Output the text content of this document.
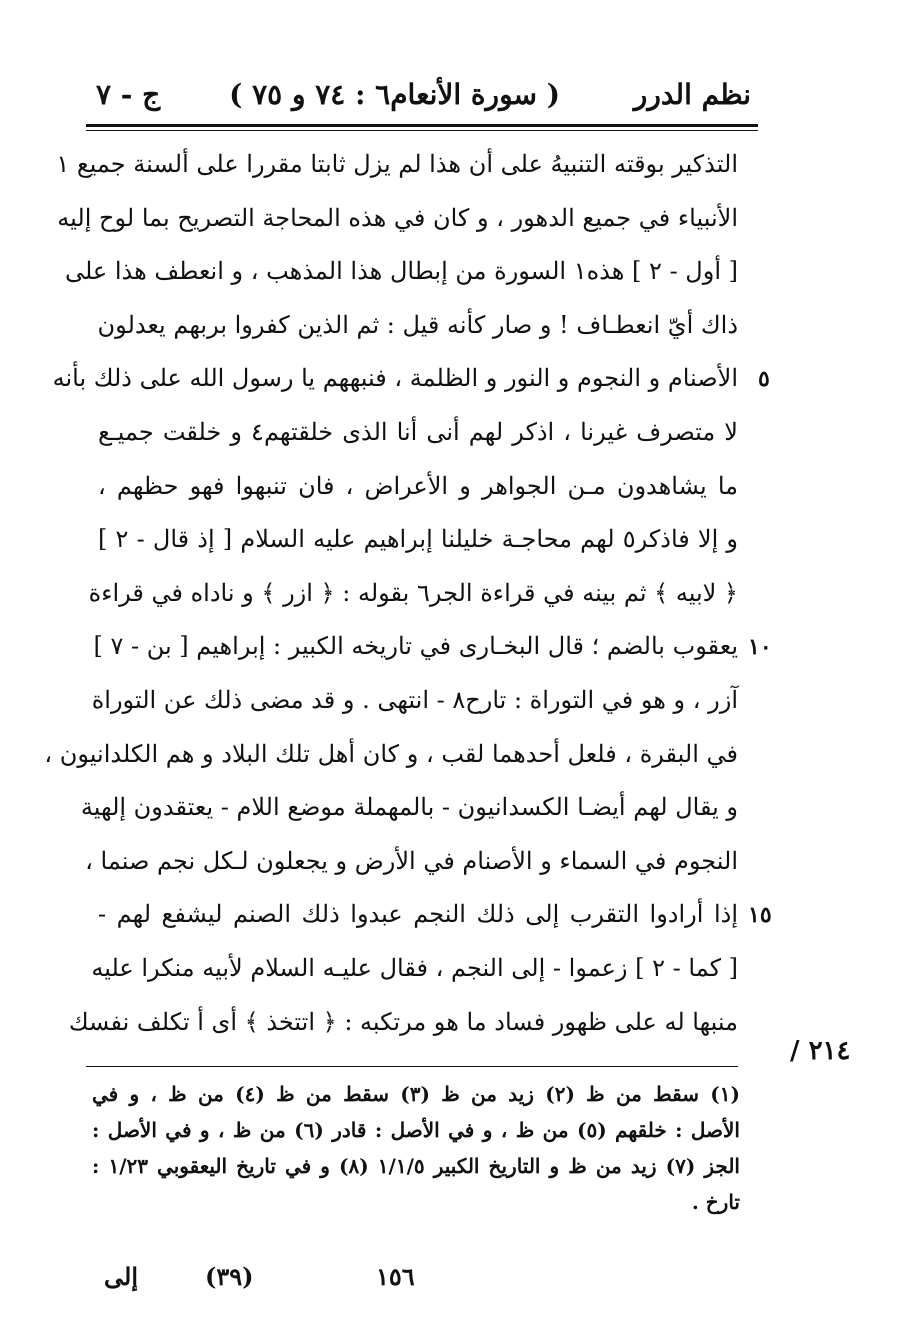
نظم الدرر
( سورة الأنعام٦ : ٧٤ و ٧٥ )
ج - ٧
التذكير بوقته التنبيهُ على أن هذا لم يزل ثابتا مقررا على ألسنة جميع ١
الأنبياء في جميع الدهور ، و كان في هذه المحاجة التصريح بما لوح إليه
[ أول - ٢ ] هذه١ السورة من إبطال هذا المذهب ، و انعطف هذا على
ذاك أيّ انعطـاف ! و صار كأنه قيل : ثم الذين كفروا بربهم يعدلون
الأصنام و النجوم و النور و الظلمة ، فنبههم يا رسول الله على ذلك بأنه
لا متصرف غيرنا ، اذكر لهم أنى أنا الذى خلقتهم٤ و خلقت جميـع
ما يشاهدون مـن الجواهر و الأعراض ، فان تنبهوا فهو حظهم ،
و إلا فاذكر٥ لهم محاجـة خليلنا إبراهيم عليه السلام [ إذ قال - ٢ ]
﴿ لابيه ﴾ ثم بينه في قراءة الجر٦ بقوله : ﴿ ازر ﴾ و ناداه في قراءة
يعقوب بالضم ؛ قال البخـارى في تاريخه الكبير : إبراهيم [ بن - ٧ ]
آزر ، و هو في التوراة : تارح٨ - انتهى . و قد مضى ذلك عن التوراة
في البقرة ، فلعل أحدهما لقب ، و كان أهل تلك البلاد و هم الكلدانيون ،
و يقال لهم أيضـا الكسدانيون - بالمهملة موضع اللام - يعتقدون إلهية
النجوم في السماء و الأصنام في الأرض و يجعلون لـكل نجم صنما ،
إذا أرادوا التقرب إلى ذلك النجم عبدوا ذلك الصنم ليشفع لهم -
[ كما - ٢ ] زعموا - إلى النجم ، فقال عليـه السلام لأبيه منكرا عليه
منبها له على ظهور فساد ما هو مرتكبه : ﴿ اتتخذ ﴾ أى أ تكلف نفسك
٥
١٠
١٥
٢١٤ /
(١) سقط من ظ (٢) زيد من ظ (٣) سقط من ظ (٤) من ظ ، و في
الأصل : خلقهم (٥) من ظ ، و في الأصل : قادر (٦) من ظ ، و في الأصل :
الجز (٧) زيد من ظ و التاريخ الكبير ١/١/٥ (٨) و في تاريخ اليعقوبي ١/٢٣ :
تارخ .
١٥٦
(٣٩)
إلى
